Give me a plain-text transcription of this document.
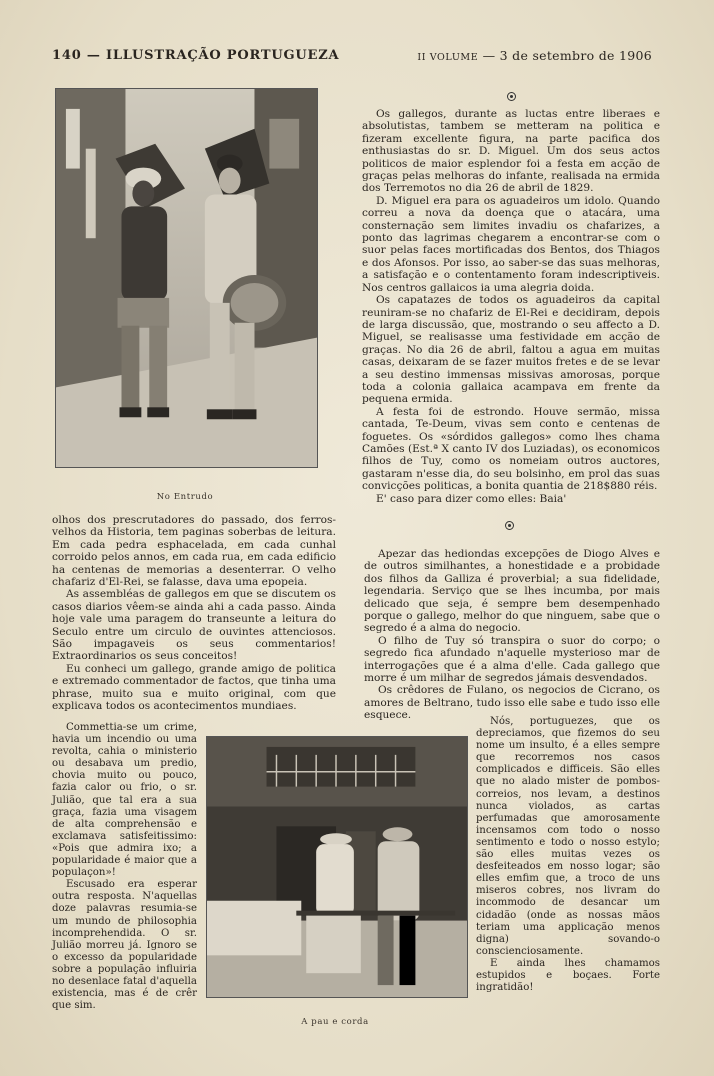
140 — ILLUSTRAÇÃO PORTUGUEZA	II VOLUME — 3 de setembro de 1906
No Entrudo

Os gallegos, durante as luctas entre liberaes e absolutistas, tambem se metteram na politica e fizeram excellente figura, na parte pacifica dos enthusiastas do sr. D. Miguel. Um dos seus actos politicos de maior esplendor foi a festa em acção de graças pelas melhoras do infante, realisada na ermida dos Terremotos no dia 26 de abril de 1829.

D. Miguel era para os aguadeiros um idolo. Quando correu a nova da doença que o atacára, uma consternação sem limites invadiu os chafarizes, a ponto das lagrimas chegarem a encontrar-se com o suor pelas faces mortificadas dos Bentos, dos Thiagos e dos Afonsos. Por isso, ao saber-se das suas melhoras, a satisfação e o contentamento foram indescriptiveis. Nos centros gallaicos ia uma alegria doida.

Os capatazes de todos os aguadeiros da capital reuniram-se no chafariz de El-Rei e decidiram, depois de larga discussão, que, mostrando o seu affecto a D. Miguel, se realisasse uma festividade em acção de graças. No dia 26 de abril, faltou a agua em muitas casas, deixaram de se fazer muitos fretes e de se levar a seu destino immensas missivas amorosas, porque toda a colonia gallaica acampava em frente da pequena ermida.

A festa foi de estrondo. Houve sermão, missa cantada, Te-Deum, vivas sem conto e centenas de foguetes. Os «sórdidos gallegos» como lhes chama Camões (Est.ª X canto IV dos Luziadas), os economicos filhos de Tuy, como os nomeiam outros auctores, gastaram n'esse dia, do seu bolsinho, em prol das suas convicções politicas, a bonita quantia de 218$880 réis.

E' caso para dizer como elles: Baia'

olhos dos prescrutadores do passado, dos ferros-velhos da Historia, tem paginas soberbas de leitura. Em cada pedra esphacelada, em cada cunhal corroido pelos annos, em cada rua, em cada edificio ha centenas de memorias a desenterrar. O velho chafariz d'El-Rei, se falasse, dava uma epopeia.

As assembléas de gallegos em que se discutem os casos diarios vêem-se ainda ahi a cada passo. Ainda hoje vale uma paragem do transeunte a leitura do Seculo entre um circulo de ouvintes attenciosos. São impagaveis os seus commentarios! Extraordinarios os seus conceitos!

Eu conheci um gallego, grande amigo de politica e extremado commentador de factos, que tinha uma phrase, muito sua e muito original, com que explicava todos os acontecimentos mundiaes.

Commettia-se um crime, havia um incendio ou uma revolta, cahia o ministerio ou desabava um predio, chovia muito ou pouco, fazia calor ou frio, o sr. Julião, que tal era a sua graça, fazia uma visagem de alta comprehensão e exclamava satisfeitissimo: «Pois que admira ixo; a popularidade é maior que a populaçon»!

Escusado era esperar outra resposta. N'aquellas doze palavras resumia-se um mundo de philosophia incomprehendida. O sr. Julião morreu já. Ignoro se o excesso da popularidade sobre a população influiria no desenlace fatal d'aquella existencia, mas é de crêr que sim.

Apezar das hediondas excepções de Diogo Alves e de outros similhantes, a honestidade e a probidade dos filhos da Galliza é proverbial; a sua fidelidade, legendaria. Serviço que se lhes incumba, por mais delicado que seja, é sempre bem desempenhado porque o gallego, melhor do que ninguem, sabe que o segredo é a alma do negocio.

O filho de Tuy só transpira o suor do corpo; o segredo fica afundado n'aquelle mysterioso mar de interrogações que é a alma d'elle. Cada gallego que morre é um milhar de segredos jámais desvendados.

Os crêdores de Fulano, os negocios de Cicrano, os amores de Beltrano, tudo isso elle sabe e tudo isso elle esquece.

Nós, portuguezes, que os depreciamos, que fizemos do seu nome um insulto, é a elles sempre que recorremos nos casos complicados e difficeis. São elles que no alado mister de pombos-correios, nos levam, a destinos nunca violados, as cartas perfumadas que amorosamente incensamos com todo o nosso sentimento e todo o nosso estylo; são elles muitas vezes os desfeiteados em nosso logar; são elles emfim que, a troco de uns miseros cobres, nos livram do incommodo de desancar um cidadão (onde as nossas mãos teriam uma applicação menos digna) sovando-o conscienciosamente.

E ainda lhes chamamos estupidos e boçaes. Forte ingratidão!

A pau e corda
